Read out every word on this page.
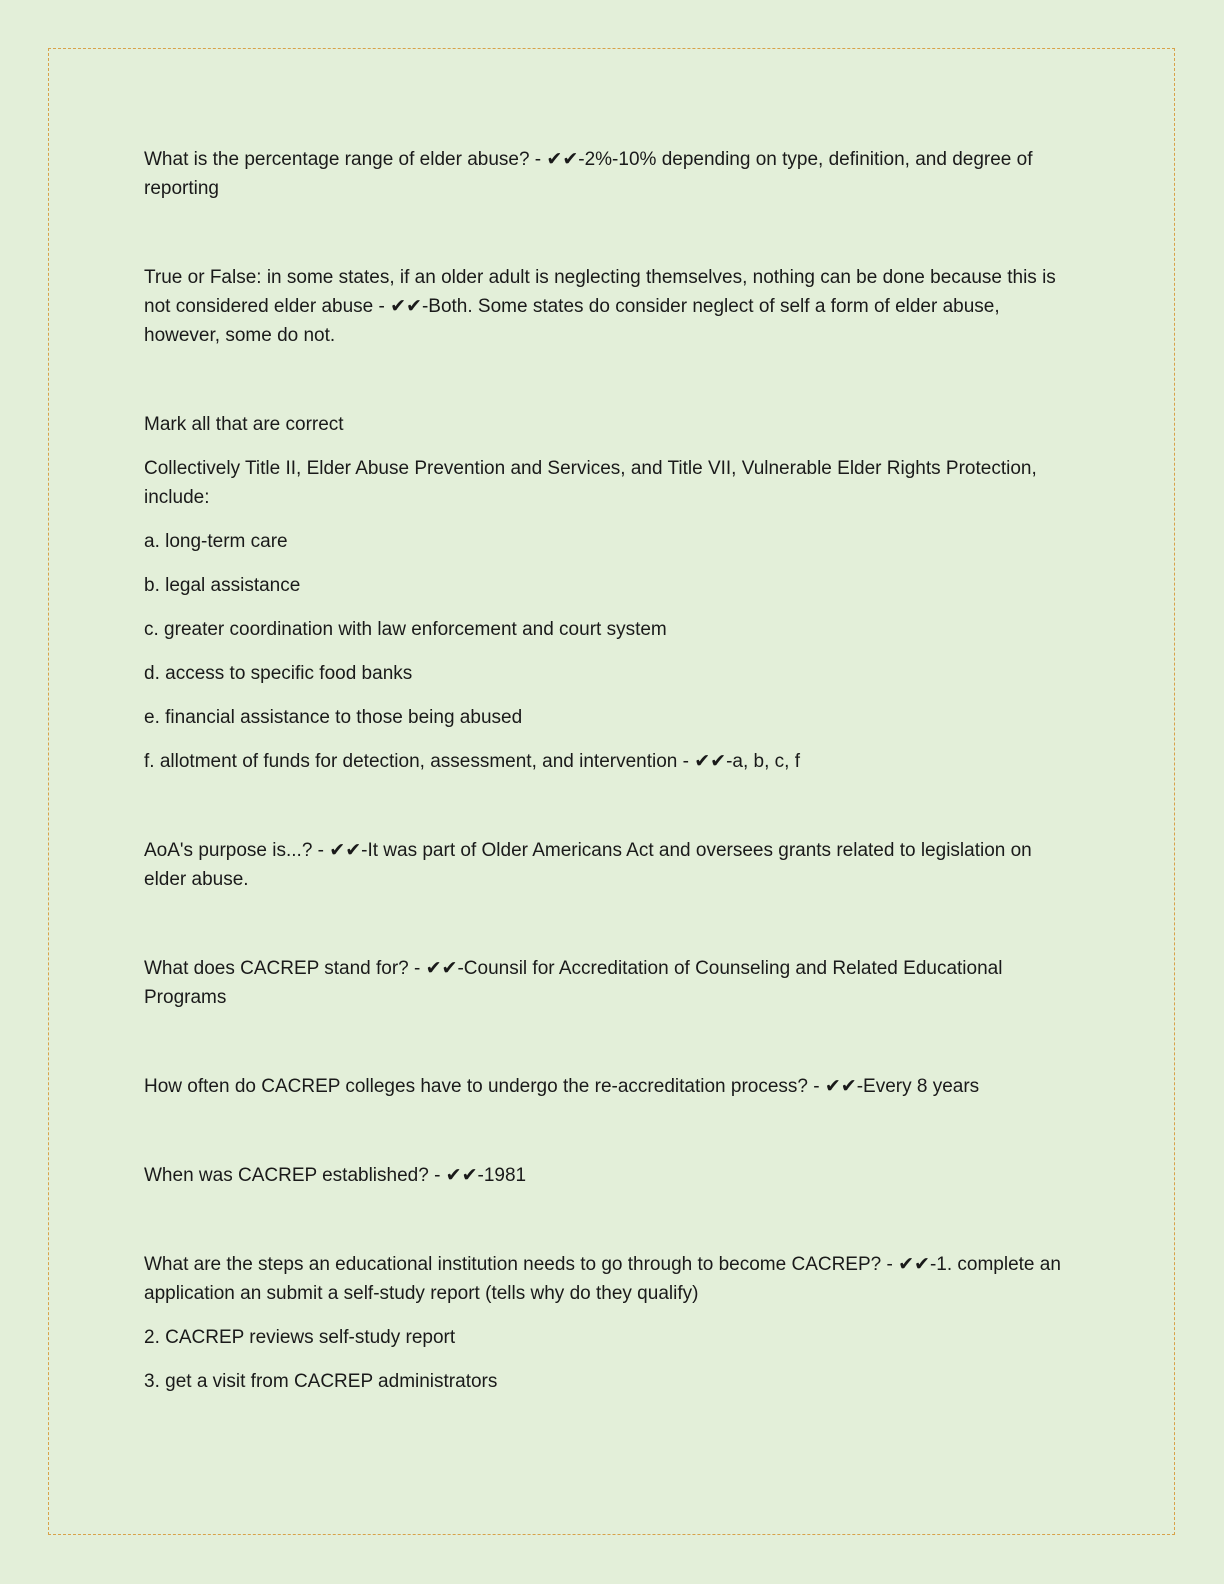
What is the percentage range of elder abuse? - ✔✔-2%-10% depending on type, definition, and degree of reporting

True or False: in some states, if an older adult is neglecting themselves, nothing can be done because this is not considered elder abuse - ✔✔-Both. Some states do consider neglect of self a form of elder abuse, however, some do not.

Mark all that are correct

Collectively Title II, Elder Abuse Prevention and Services, and Title VII, Vulnerable Elder Rights Protection, include:

a. long-term care

b. legal assistance

c. greater coordination with law enforcement and court system

d. access to specific food banks

e. financial assistance to those being abused

f. allotment of funds for detection, assessment, and intervention - ✔✔-a, b, c, f

AoA's purpose is...? - ✔✔-It was part of Older Americans Act and oversees grants related to legislation on elder abuse.

What does CACREP stand for? - ✔✔-Counsil for Accreditation of Counseling and Related Educational Programs

How often do CACREP colleges have to undergo the re-accreditation process? - ✔✔-Every 8 years

When was CACREP established? - ✔✔-1981

What are the steps an educational institution needs to go through to become CACREP? - ✔✔-1. complete an application an submit a self-study report (tells why do they qualify)

2. CACREP reviews self-study report

3. get a visit from CACREP administrators
